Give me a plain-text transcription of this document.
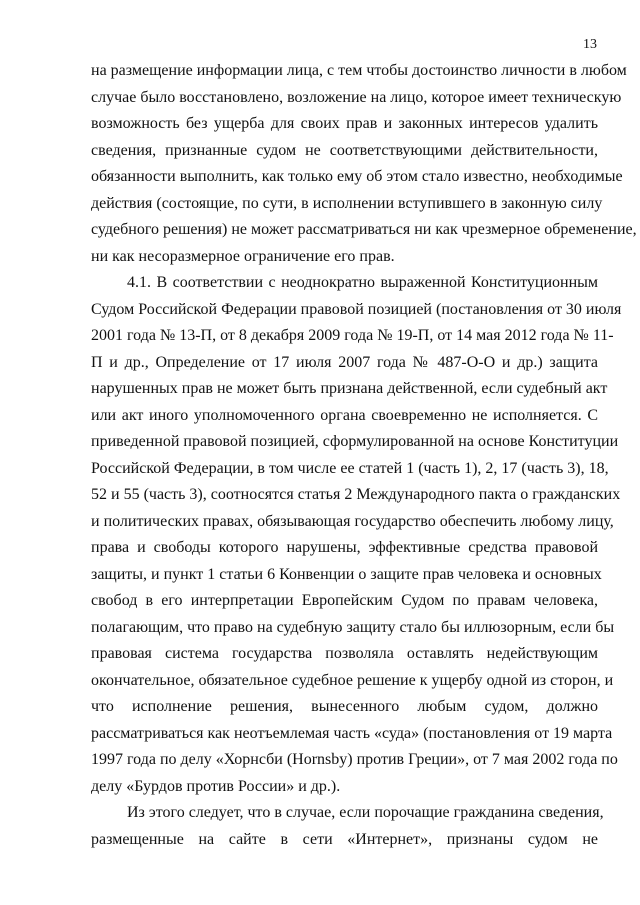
13
на размещение информации лица, с тем чтобы достоинство личности в любом
случае было восстановлено, возложение на лицо, которое имеет техническую
возможность без ущерба для своих прав и законных интересов удалить
сведения, признанные судом не соответствующими действительности,
обязанности выполнить, как только ему об этом стало известно, необходимые
действия (состоящие, по сути, в исполнении вступившего в законную силу
судебного решения) не может рассматриваться ни как чрезмерное обременение,
ни как несоразмерное ограничение его прав.
4.1. В соответствии с неоднократно выраженной Конституционным
Судом Российской Федерации правовой позицией (постановления от 30 июля
2001 года № 13-П, от 8 декабря 2009 года № 19-П, от 14 мая 2012 года № 11-
П и др., Определение от 17 июля 2007 года № 487-О-О и др.) защита
нарушенных прав не может быть признана действенной, если судебный акт
или акт иного уполномоченного органа своевременно не исполняется. С
приведенной правовой позицией, сформулированной на основе Конституции
Российской Федерации, в том числе ее статей 1 (часть 1), 2, 17 (часть 3), 18,
52 и 55 (часть 3), соотносятся статья 2 Международного пакта о гражданских
и политических правах, обязывающая государство обеспечить любому лицу,
права и свободы которого нарушены, эффективные средства правовой
защиты, и пункт 1 статьи 6 Конвенции о защите прав человека и основных
свобод в его интерпретации Европейским Судом по правам человека,
полагающим, что право на судебную защиту стало бы иллюзорным, если бы
правовая система государства позволяла оставлять недействующим
окончательное, обязательное судебное решение к ущербу одной из сторон, и
что исполнение решения, вынесенного любым судом, должно
рассматриваться как неотъемлемая часть «суда» (постановления от 19 марта
1997 года по делу «Хорнсби (Hornsby) против Греции», от 7 мая 2002 года по
делу «Бурдов против России» и др.).
Из этого следует, что в случае, если порочащие гражданина сведения,
размещенные на сайте в сети «Интернет», признаны судом не
